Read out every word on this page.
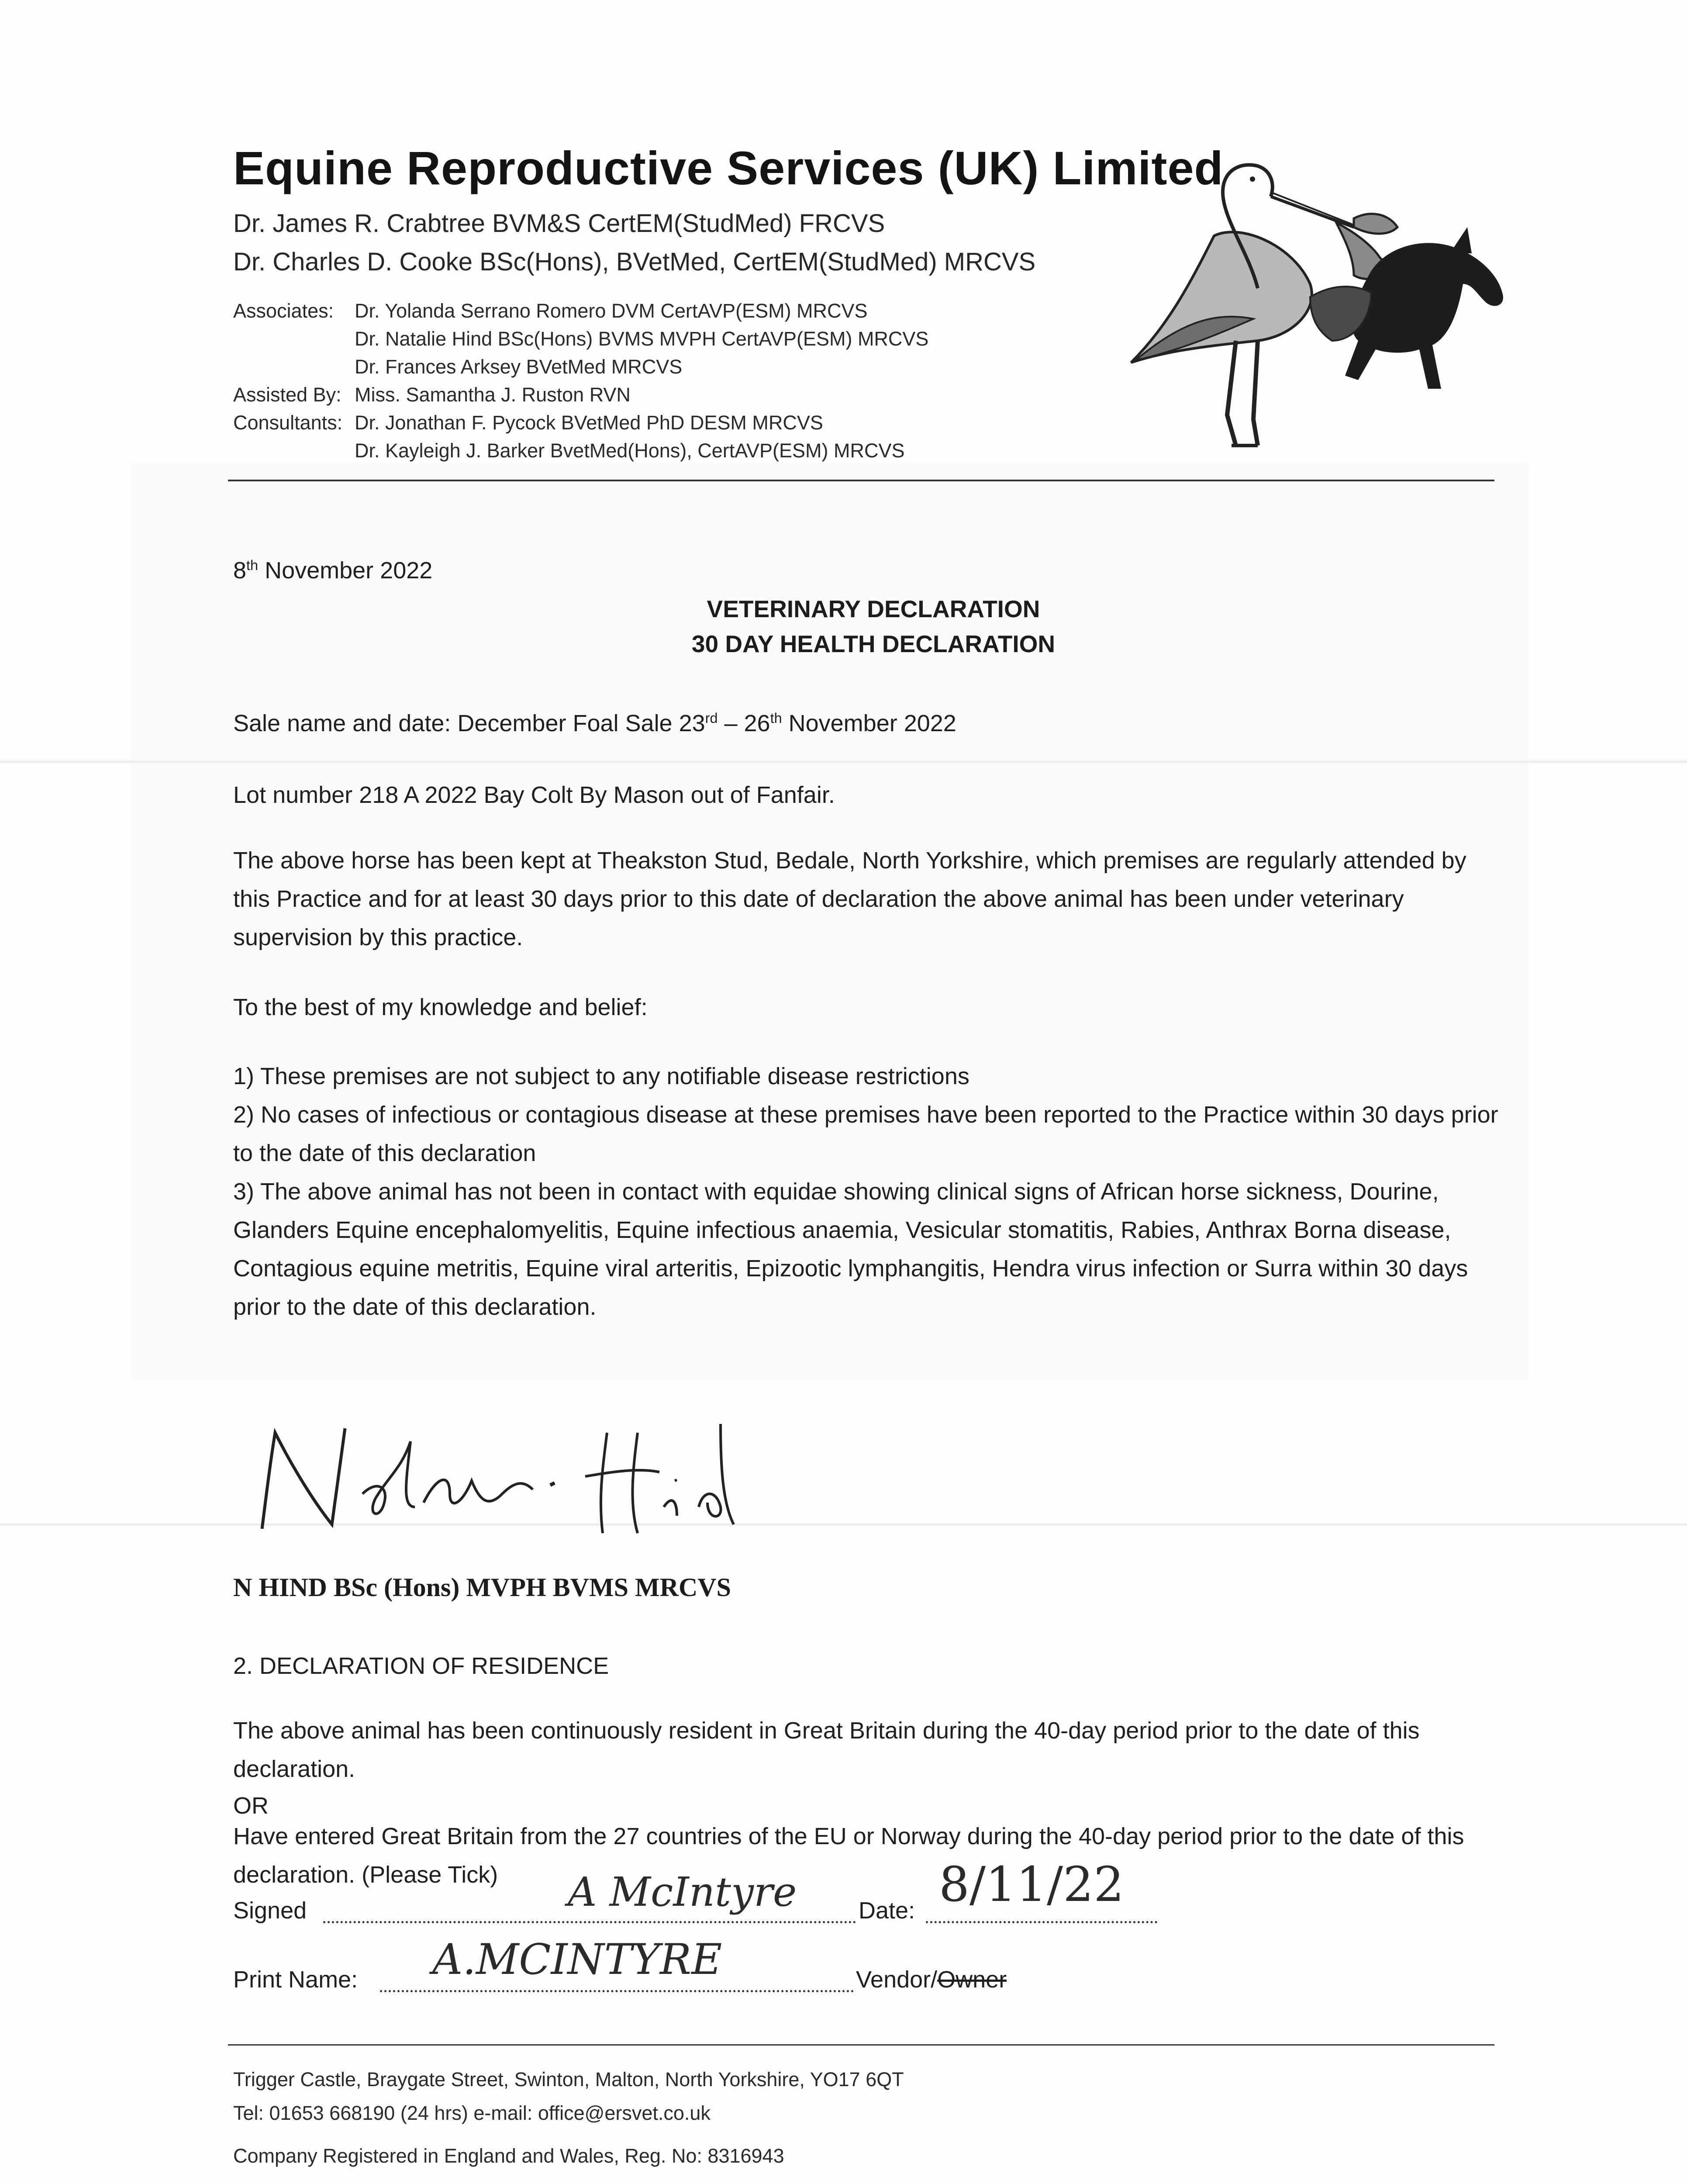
Equine Reproductive Services (UK) Limited
Dr. James R. Crabtree BVM&S CertEM(StudMed) FRCVS
Dr. Charles D. Cooke BSc(Hons), BVetMed, CertEM(StudMed) MRCVS
Associates: Dr. Yolanda Serrano Romero DVM CertAVP(ESM) MRCVS
Dr. Natalie Hind BSc(Hons) BVMS MVPH CertAVP(ESM) MRCVS
Dr. Frances Arksey BVetMed MRCVS
Assisted By: Miss. Samantha J. Ruston RVN
Consultants: Dr. Jonathan F. Pycock BVetMed PhD DESM MRCVS
Dr. Kayleigh J. Barker BvetMed(Hons), CertAVP(ESM) MRCVS
8th November 2022
VETERINARY DECLARATION
30 DAY HEALTH DECLARATION
Sale name and date: December Foal Sale 23rd – 26th November 2022
Lot number 218 A 2022 Bay Colt By Mason out of Fanfair.
The above horse has been kept at Theakston Stud, Bedale, North Yorkshire, which premises are regularly attended by this Practice and for at least 30 days prior to this date of declaration the above animal has been under veterinary supervision by this practice.
To the best of my knowledge and belief:
1) These premises are not subject to any notifiable disease restrictions
2) No cases of infectious or contagious disease at these premises have been reported to the Practice within 30 days prior to the date of this declaration
3) The above animal has not been in contact with equidae showing clinical signs of African horse sickness, Dourine, Glanders Equine encephalomyelitis, Equine infectious anaemia, Vesicular stomatitis, Rabies, Anthrax Borna disease, Contagious equine metritis, Equine viral arteritis, Epizootic lymphangitis, Hendra virus infection or Surra within 30 days prior to the date of this declaration.
N HIND BSc (Hons) MVPH BVMS MRCVS
2. DECLARATION OF RESIDENCE
The above animal has been continuously resident in Great Britain during the 40-day period prior to the date of this declaration.
OR
Have entered Great Britain from the 27 countries of the EU or Norway during the 40-day period prior to the date of this declaration. (Please Tick)
Signed	A McIntyre	Date: 8/11/22
Print Name: A.MCINTYRE	Vendor/Owner
Trigger Castle, Braygate Street, Swinton, Malton, North Yorkshire, YO17 6QT
Tel: 01653 668190 (24 hrs) e-mail: office@ersvet.co.uk
Company Registered in England and Wales, Reg. No: 8316943
